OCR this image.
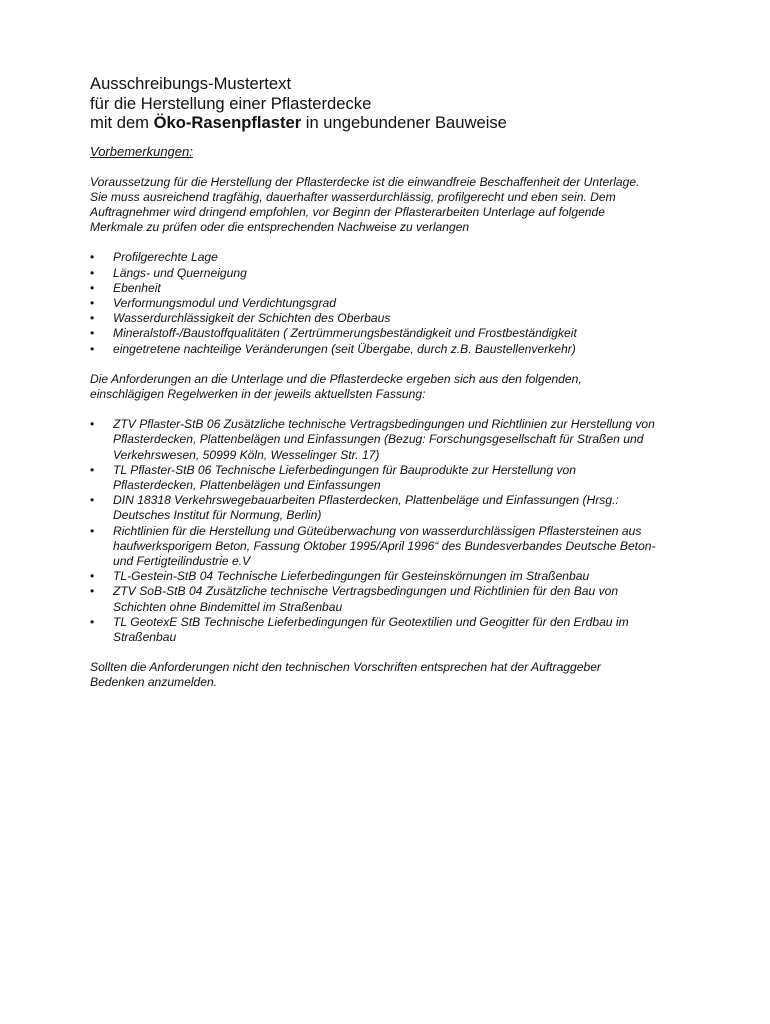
Ausschreibungs-Mustertext
für die Herstellung einer Pflasterdecke
mit dem Öko-Rasenpflaster in ungebundener Bauweise
Vorbemerkungen:

Voraussetzung für die Herstellung der Pflasterdecke ist die einwandfreie Beschaffenheit der Unterlage.
Sie muss ausreichend tragfähig, dauerhafter wasserdurchlässig, profilgerecht und eben sein. Dem
Auftragnehmer wird dringend empfohlen, vor Beginn der Pflasterarbeiten Unterlage auf folgende
Merkmale zu prüfen oder die entsprechenden Nachweise zu verlangen

• Profilgerechte Lage
• Längs- und Querneigung
• Ebenheit
• Verformungsmodul und Verdichtungsgrad
• Wasserdurchlässigkeit der Schichten des Oberbaus
• Mineralstoff-/Baustoffqualitäten ( Zertrümmerungsbeständigkeit und Frostbeständigkeit
• eingetretene nachteilige Veränderungen (seit Übergabe, durch z.B. Baustellenverkehr)

Die Anforderungen an die Unterlage und die Pflasterdecke ergeben sich aus den folgenden,
einschlägigen Regelwerken in der jeweils aktuellsten Fassung:

• ZTV Pflaster-StB 06 Zusätzliche technische Vertragsbedingungen und Richtlinien zur Herstellung von
Pflasterdecken, Plattenbelägen und Einfassungen (Bezug: Forschungsgesellschaft für Straßen und
Verkehrswesen, 50999 Köln, Wesselinger Str. 17)
• TL Pflaster-StB 06 Technische Lieferbedingungen für Bauprodukte zur Herstellung von
Pflasterdecken, Plattenbelägen und Einfassungen
• DIN 18318 Verkehrswegebauarbeiten Pflasterdecken, Plattenbeläge und Einfassungen (Hrsg.:
Deutsches Institut für Normung, Berlin)
• Richtlinien für die Herstellung und Güteüberwachung von wasserdurchlässigen Pflastersteinen aus
haufwerksporigem Beton, Fassung Oktober 1995/April 1996“ des Bundesverbandes Deutsche Beton-
und Fertigteilindustrie e.V
• TL-Gestein-StB 04 Technische Lieferbedingungen für Gesteinskörnungen im Straßenbau
• ZTV SoB-StB 04 Zusätzliche technische Vertragsbedingungen und Richtlinien für den Bau von
Schichten ohne Bindemittel im Straßenbau
• TL GeotexE StB Technische Lieferbedingungen für Geotextilien und Geogitter für den Erdbau im
Straßenbau

Sollten die Anforderungen nicht den technischen Vorschriften entsprechen hat der Auftraggeber
Bedenken anzumelden.
